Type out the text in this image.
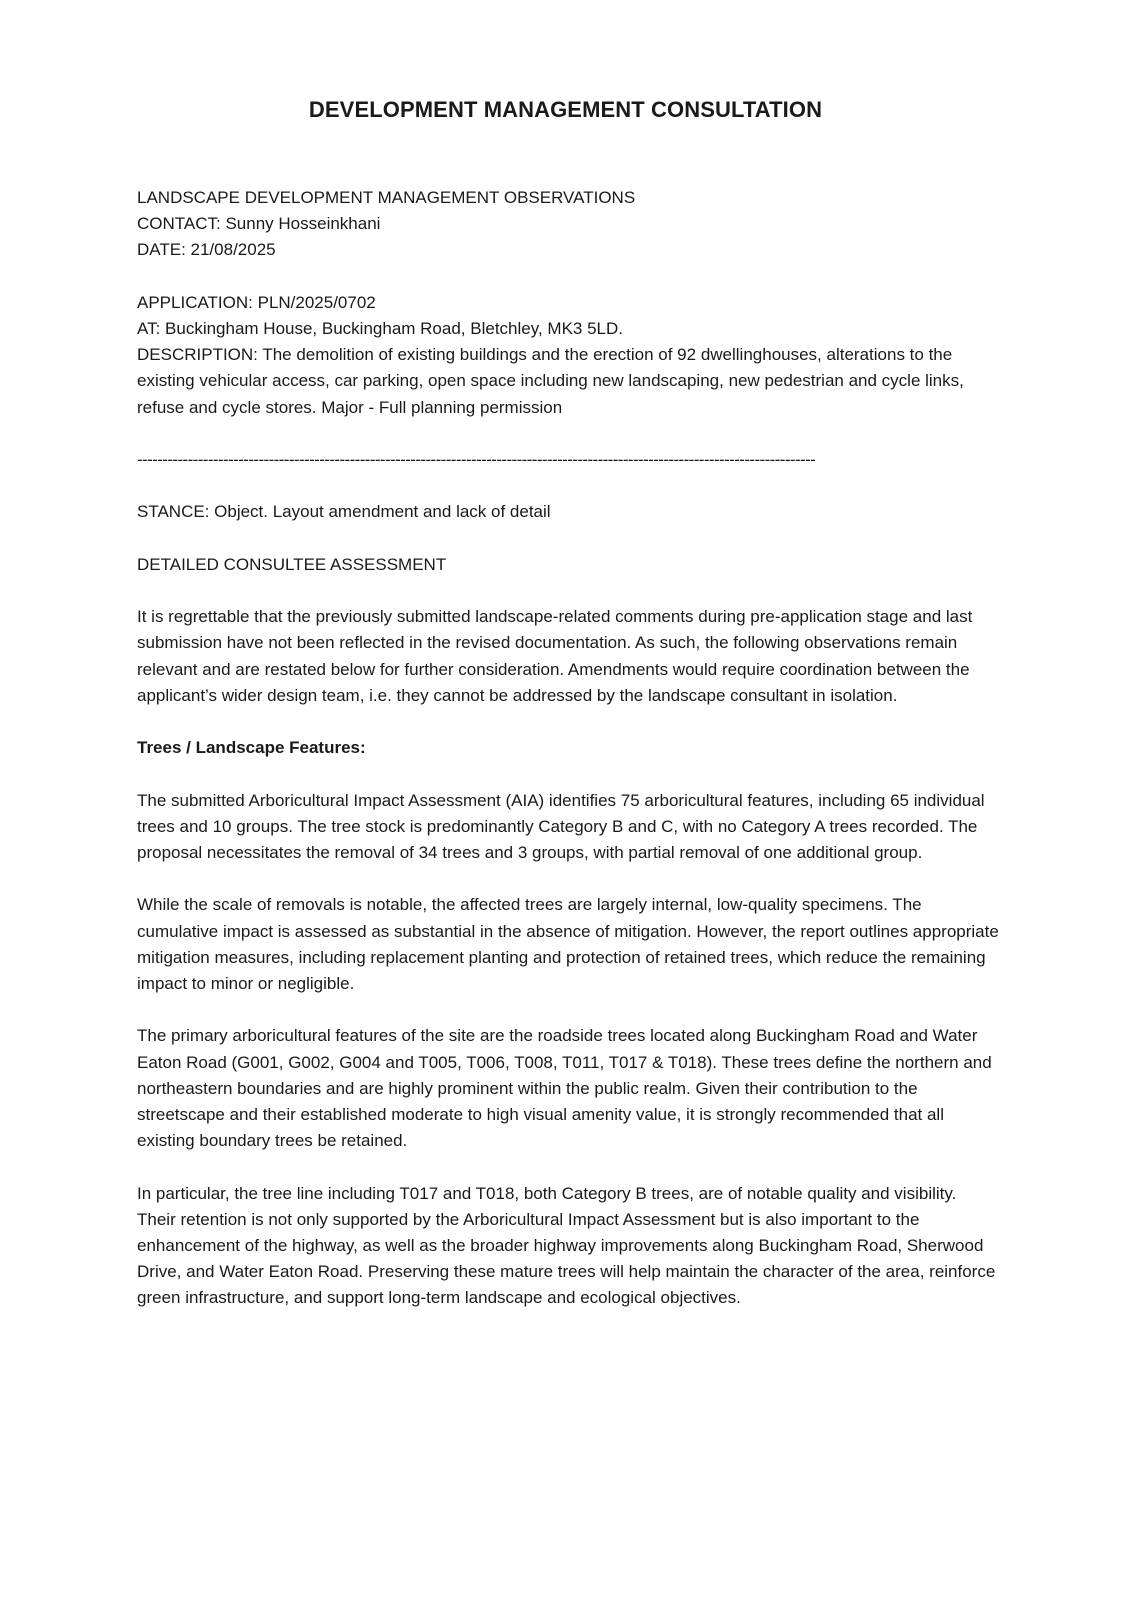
DEVELOPMENT MANAGEMENT CONSULTATION

LANDSCAPE DEVELOPMENT MANAGEMENT OBSERVATIONS

CONTACT: Sunny Hosseinkhani

DATE: 21/08/2025

APPLICATION: PLN/2025/0702

AT: Buckingham House, Buckingham Road, Bletchley, MK3 5LD.

DESCRIPTION: The demolition of existing buildings and the erection of 92 dwellinghouses, alterations to the existing vehicular access, car parking, open space including new landscaping, new pedestrian and cycle links, refuse and cycle stores. Major - Full planning permission

--------------------------------------------------------------------------------------------------------------------------------------

STANCE: Object. Layout amendment and lack of detail

DETAILED CONSULTEE ASSESSMENT

It is regrettable that the previously submitted landscape-related comments during pre-application stage and last submission have not been reflected in the revised documentation. As such, the following observations remain relevant and are restated below for further consideration. Amendments would require coordination between the applicant’s wider design team, i.e. they cannot be addressed by the landscape consultant in isolation.

Trees / Landscape Features:

The submitted Arboricultural Impact Assessment (AIA) identifies 75 arboricultural features, including 65 individual trees and 10 groups. The tree stock is predominantly Category B and C, with no Category A trees recorded. The proposal necessitates the removal of 34 trees and 3 groups, with partial removal of one additional group.

While the scale of removals is notable, the affected trees are largely internal, low-quality specimens. The cumulative impact is assessed as substantial in the absence of mitigation. However, the report outlines appropriate mitigation measures, including replacement planting and protection of retained trees, which reduce the remaining impact to minor or negligible.

The primary arboricultural features of the site are the roadside trees located along Buckingham Road and Water Eaton Road (G001, G002, G004 and T005, T006, T008, T011, T017 & T018). These trees define the northern and northeastern boundaries and are highly prominent within the public realm. Given their contribution to the streetscape and their established moderate to high visual amenity value, it is strongly recommended that all existing boundary trees be retained.

In particular, the tree line including T017 and T018, both Category B trees, are of notable quality and visibility. Their retention is not only supported by the Arboricultural Impact Assessment but is also important to the enhancement of the highway, as well as the broader highway improvements along Buckingham Road, Sherwood Drive, and Water Eaton Road. Preserving these mature trees will help maintain the character of the area, reinforce green infrastructure, and support long-term landscape and ecological objectives.
